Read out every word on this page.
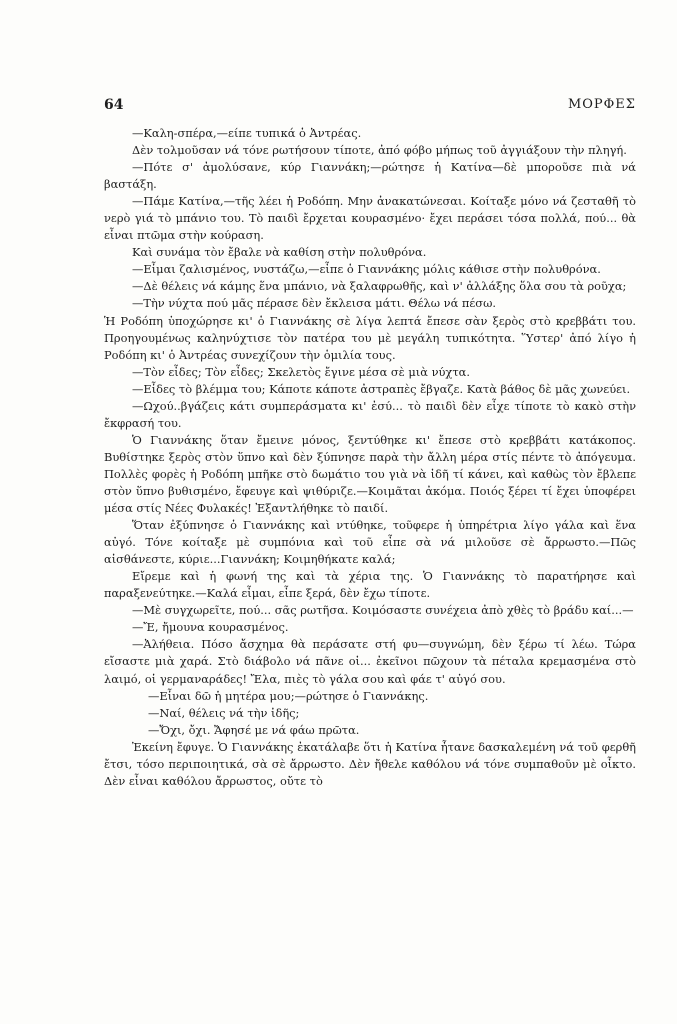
64	ΜΟΡΦΕΣ

—Καλη-σπέρα,—είπε τυπικά ὁ Ἀντρέας.

Δὲν τολμοῦσαν νά τόνε ρωτήσουν τίποτε, ἀπό φόβο μήπως τοῦ ἀγγιάξουν τὴν πληγή.

—Πότε σ' ἀμολύσανε, κύρ Γιαννάκη;—ρώτησε ἡ Κατίνα—δὲ μποροῦσε πιὰ νά βαστάξη.

—Πάμε Κατίνα,—τῆς λέει ἡ Ροδόπη. Μην ἀνακατώνεσαι. Κοίταξε μόνο νά ζεσταθῆ τὸ νερὸ γιά τὸ μπάνιο του. Τὸ παιδὶ ἔρχεται κουρασμένο· ἔχει περάσει τόσα πολλά, πού... θὰ εἶναι πτῶμα στὴν κούραση.

Καὶ συνάμα τὸν ἔβαλε νὰ καθίση στὴν πολυθρόνα.

—Εἶμαι ζαλισμένος, νυστάζω,—εἶπε ὁ Γιαννάκης μόλις κάθισε στὴν πολυθρόνα.

—Δὲ θέλεις νά κάμης ἕνα μπάνιο, νὰ ξαλαφρωθῆς, καὶ ν' ἀλλάξης ὅλα σου τὰ ροῦχα;

—Τὴν νύχτα πού μᾶς πέρασε δὲν ἔκλεισα μάτι. Θέλω νά πέσω.

Ἡ Ροδόπη ὑποχώρησε κι' ὁ Γιαννάκης σὲ λίγα λεπτά ἔπεσε σὰν ξερὸς στὸ κρεββάτι του. Προηγουμένως καληνύχτισε τὸν πατέρα του μὲ μεγάλη τυπικότητα. Ὕστερ' ἀπό λίγο ἡ Ροδόπη κι' ὁ Ἀντρέας συνεχίζουν τὴν ὁμιλία τους.

—Τὸν εἶδες; Τὸν εἶδες; Σκελετὸς ἔγινε μέσα σὲ μιὰ νύχτα.

—Εἶδες τὸ βλέμμα του; Κάποτε κάποτε ἀστραπὲς ἔβγαζε. Κατὰ βάθος δὲ μᾶς χωνεύει.

—Ωχού..βγάζεις κάτι συμπεράσματα κι' ἐσύ... τὸ παιδὶ δὲν εἶχε τίποτε τὸ κακὸ στὴν ἔκφρασή του.

Ὁ Γιαννάκης ὅταν ἔμεινε μόνος, ξεντύθηκε κι' ἔπεσε στὸ κρεββάτι κατάκοπος. Βυθίστηκε ξερὸς στὸν ὕπνο καὶ δὲν ξύπνησε παρὰ τὴν ἄλλη μέρα στίς πέντε τὸ ἀπόγευμα. Πολλὲς φορὲς ἡ Ροδόπη μπῆκε στὸ δωμάτιο του γιὰ νὰ ἰδῆ τί κάνει, καὶ καθὼς τὸν ἔβλεπε στὸν ὕπνο βυθισμένο, ἔφευγε καὶ ψιθύριζε.—Κοιμᾶται ἀκόμα. Ποιός ξέρει τί ἔχει ὑποφέρει μέσα στίς Νέες Φυλακές! Ἐξαντλήθηκε τὸ παιδί.

Ὅταν ἐξύπνησε ὁ Γιαννάκης καὶ ντύθηκε, τοῦφερε ἡ ὑπηρέτρια λίγο γάλα καὶ ἕνα αὐγό. Τόνε κοίταξε μὲ συμπόνια καὶ τοῦ εἶπε σὰ νά μιλοῦσε σὲ ἄρρωστο.—Πῶς αἰσθάνεστε, κύριε...Γιαννάκη; Κοιμηθήκατε καλά;

Εἴρεμε καὶ ἡ φωνή της καὶ τὰ χέρια της. Ὁ Γιαννάκης τὸ παρατήρησε καὶ παραξενεύτηκε.—Καλά εἶμαι, εἶπε ξερά, δὲν ἔχω τίποτε.

—Μὲ συγχωρεῖτε, πού... σᾶς ρωτῆσα. Κοιμόσαστε συνέχεια ἀπὸ χθὲς τὸ βράδυ καί...—

—Ἔ, ἤμουνα κουρασμένος.

—Ἀλήθεια. Πόσο ἄσχημα θὰ περάσατε στή φυ—συγνώμη, δὲν ξέρω τί λέω. Τώρα εἴσαστε μιὰ χαρά. Στὸ διάβολο νά πᾶνε οἱ... ἐκεῖνοι πῶχουν τὰ πέταλα κρεμασμένα στὸ λαιμό, οἱ γερμαναράδες! Ἔλα, πιὲς τὸ γάλα σου καὶ φάε τ' αὐγό σου.

—Εἶναι δῶ ἡ μητέρα μου;—ρώτησε ὁ Γιαννάκης.

—Ναί, θέλεις νά τὴν ἰδῆς;

—Ὄχι, ὄχι. Ἄφησέ με νά φάω πρῶτα.

Ἐκείνη ἔφυγε. Ὁ Γιαννάκης ἐκατάλαβε ὅτι ἡ Κατίνα ἦτανε δασκαλεμένη νά τοῦ φερθῆ ἔτσι, τόσο περιποιητικά, σὰ σὲ ἄρρωστο. Δὲν ἤθελε καθόλου νά τόνε συμπαθοῦν μὲ οἶκτο. Δὲν εἶναι καθόλου ἄρρωστος, οὔτε τὸ
